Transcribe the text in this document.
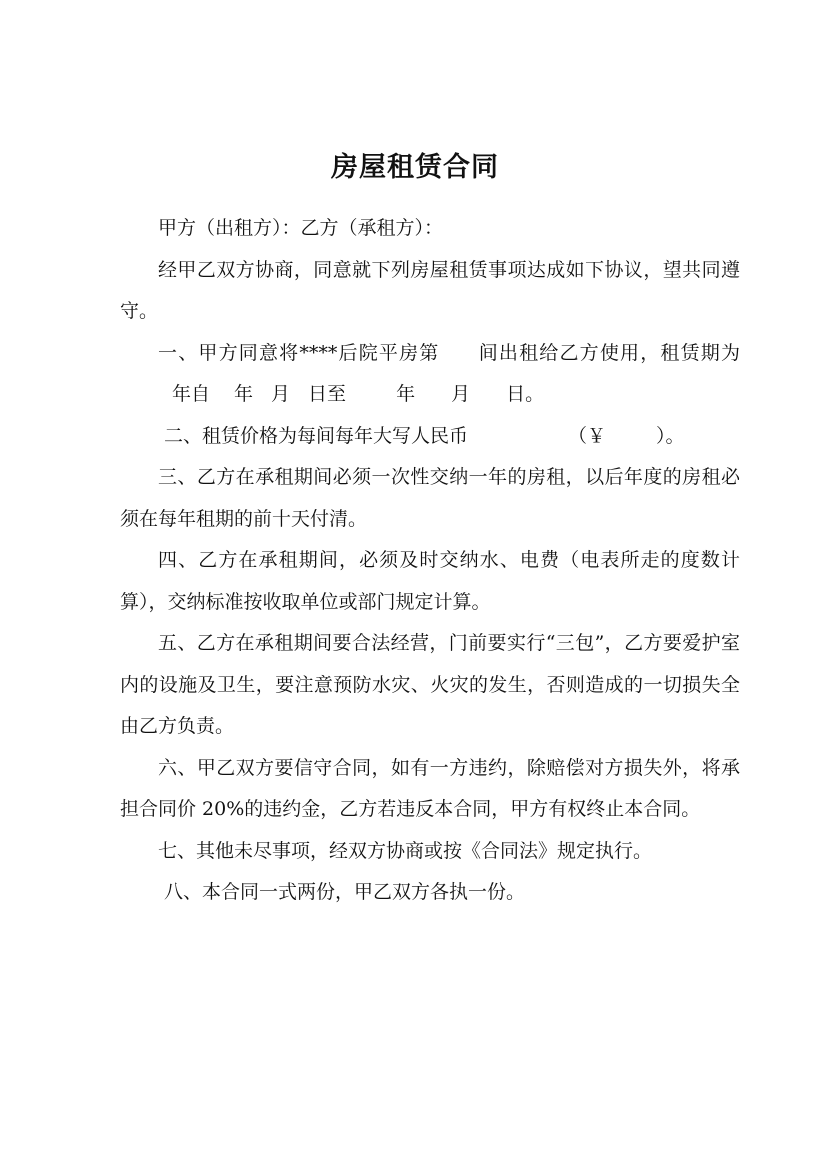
房屋租赁合同

甲方（出租方）：乙方（承租方）：

经甲乙双方协商，同意就下列房屋租赁事项达成如下协议，望共同遵守。

一、甲方同意将****后院平房第 间出租给乙方使用，租赁期为年自 年 月 日至	年 月 日。

二、租赁价格为每间每年大写人民币	（￥	）。

三、乙方在承租期间必须一次性交纳一年的房租，以后年度的房租必须在每年租期的前十天付清。

四、乙方在承租期间，必须及时交纳水、电费（电表所走的度数计算），交纳标准按收取单位或部门规定计算。

五、乙方在承租期间要合法经营，门前要实行“三包”，乙方要爱护室内的设施及卫生，要注意预防水灾、火灾的发生，否则造成的一切损失全由乙方负责。

六、甲乙双方要信守合同，如有一方违约，除赔偿对方损失外，将承担合同价 20%的违约金，乙方若违反本合同，甲方有权终止本合同。

七、其他未尽事项，经双方协商或按《合同法》规定执行。

八、本合同一式两份，甲乙双方各执一份。
